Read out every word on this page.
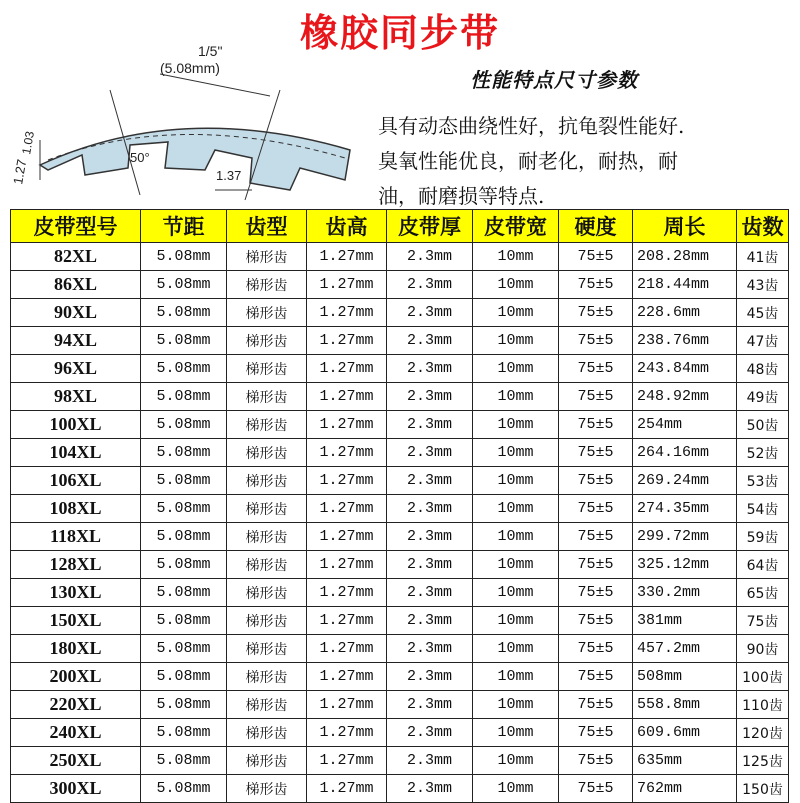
橡胶同步带
1/5"
(5.08mm)
1.03
1.27
50°
1.37
性能特点尺寸参数
具有动态曲绕性好，抗龟裂性能好.
臭氧性能优良，耐老化，耐热，耐
油，耐磨损等特点.
皮带型号	节距	齿型	齿高	皮带厚	皮带宽	硬度	周长	齿数
82XL	5.08mm	梯形齿	1.27mm	2.3mm	10mm	75±5	208.28mm	41齿
86XL	5.08mm	梯形齿	1.27mm	2.3mm	10mm	75±5	218.44mm	43齿
90XL	5.08mm	梯形齿	1.27mm	2.3mm	10mm	75±5	228.6mm	45齿
94XL	5.08mm	梯形齿	1.27mm	2.3mm	10mm	75±5	238.76mm	47齿
96XL	5.08mm	梯形齿	1.27mm	2.3mm	10mm	75±5	243.84mm	48齿
98XL	5.08mm	梯形齿	1.27mm	2.3mm	10mm	75±5	248.92mm	49齿
100XL	5.08mm	梯形齿	1.27mm	2.3mm	10mm	75±5	254mm	50齿
104XL	5.08mm	梯形齿	1.27mm	2.3mm	10mm	75±5	264.16mm	52齿
106XL	5.08mm	梯形齿	1.27mm	2.3mm	10mm	75±5	269.24mm	53齿
108XL	5.08mm	梯形齿	1.27mm	2.3mm	10mm	75±5	274.35mm	54齿
118XL	5.08mm	梯形齿	1.27mm	2.3mm	10mm	75±5	299.72mm	59齿
128XL	5.08mm	梯形齿	1.27mm	2.3mm	10mm	75±5	325.12mm	64齿
130XL	5.08mm	梯形齿	1.27mm	2.3mm	10mm	75±5	330.2mm	65齿
150XL	5.08mm	梯形齿	1.27mm	2.3mm	10mm	75±5	381mm	75齿
180XL	5.08mm	梯形齿	1.27mm	2.3mm	10mm	75±5	457.2mm	90齿
200XL	5.08mm	梯形齿	1.27mm	2.3mm	10mm	75±5	508mm	100齿
220XL	5.08mm	梯形齿	1.27mm	2.3mm	10mm	75±5	558.8mm	110齿
240XL	5.08mm	梯形齿	1.27mm	2.3mm	10mm	75±5	609.6mm	120齿
250XL	5.08mm	梯形齿	1.27mm	2.3mm	10mm	75±5	635mm	125齿
300XL	5.08mm	梯形齿	1.27mm	2.3mm	10mm	75±5	762mm	150齿
